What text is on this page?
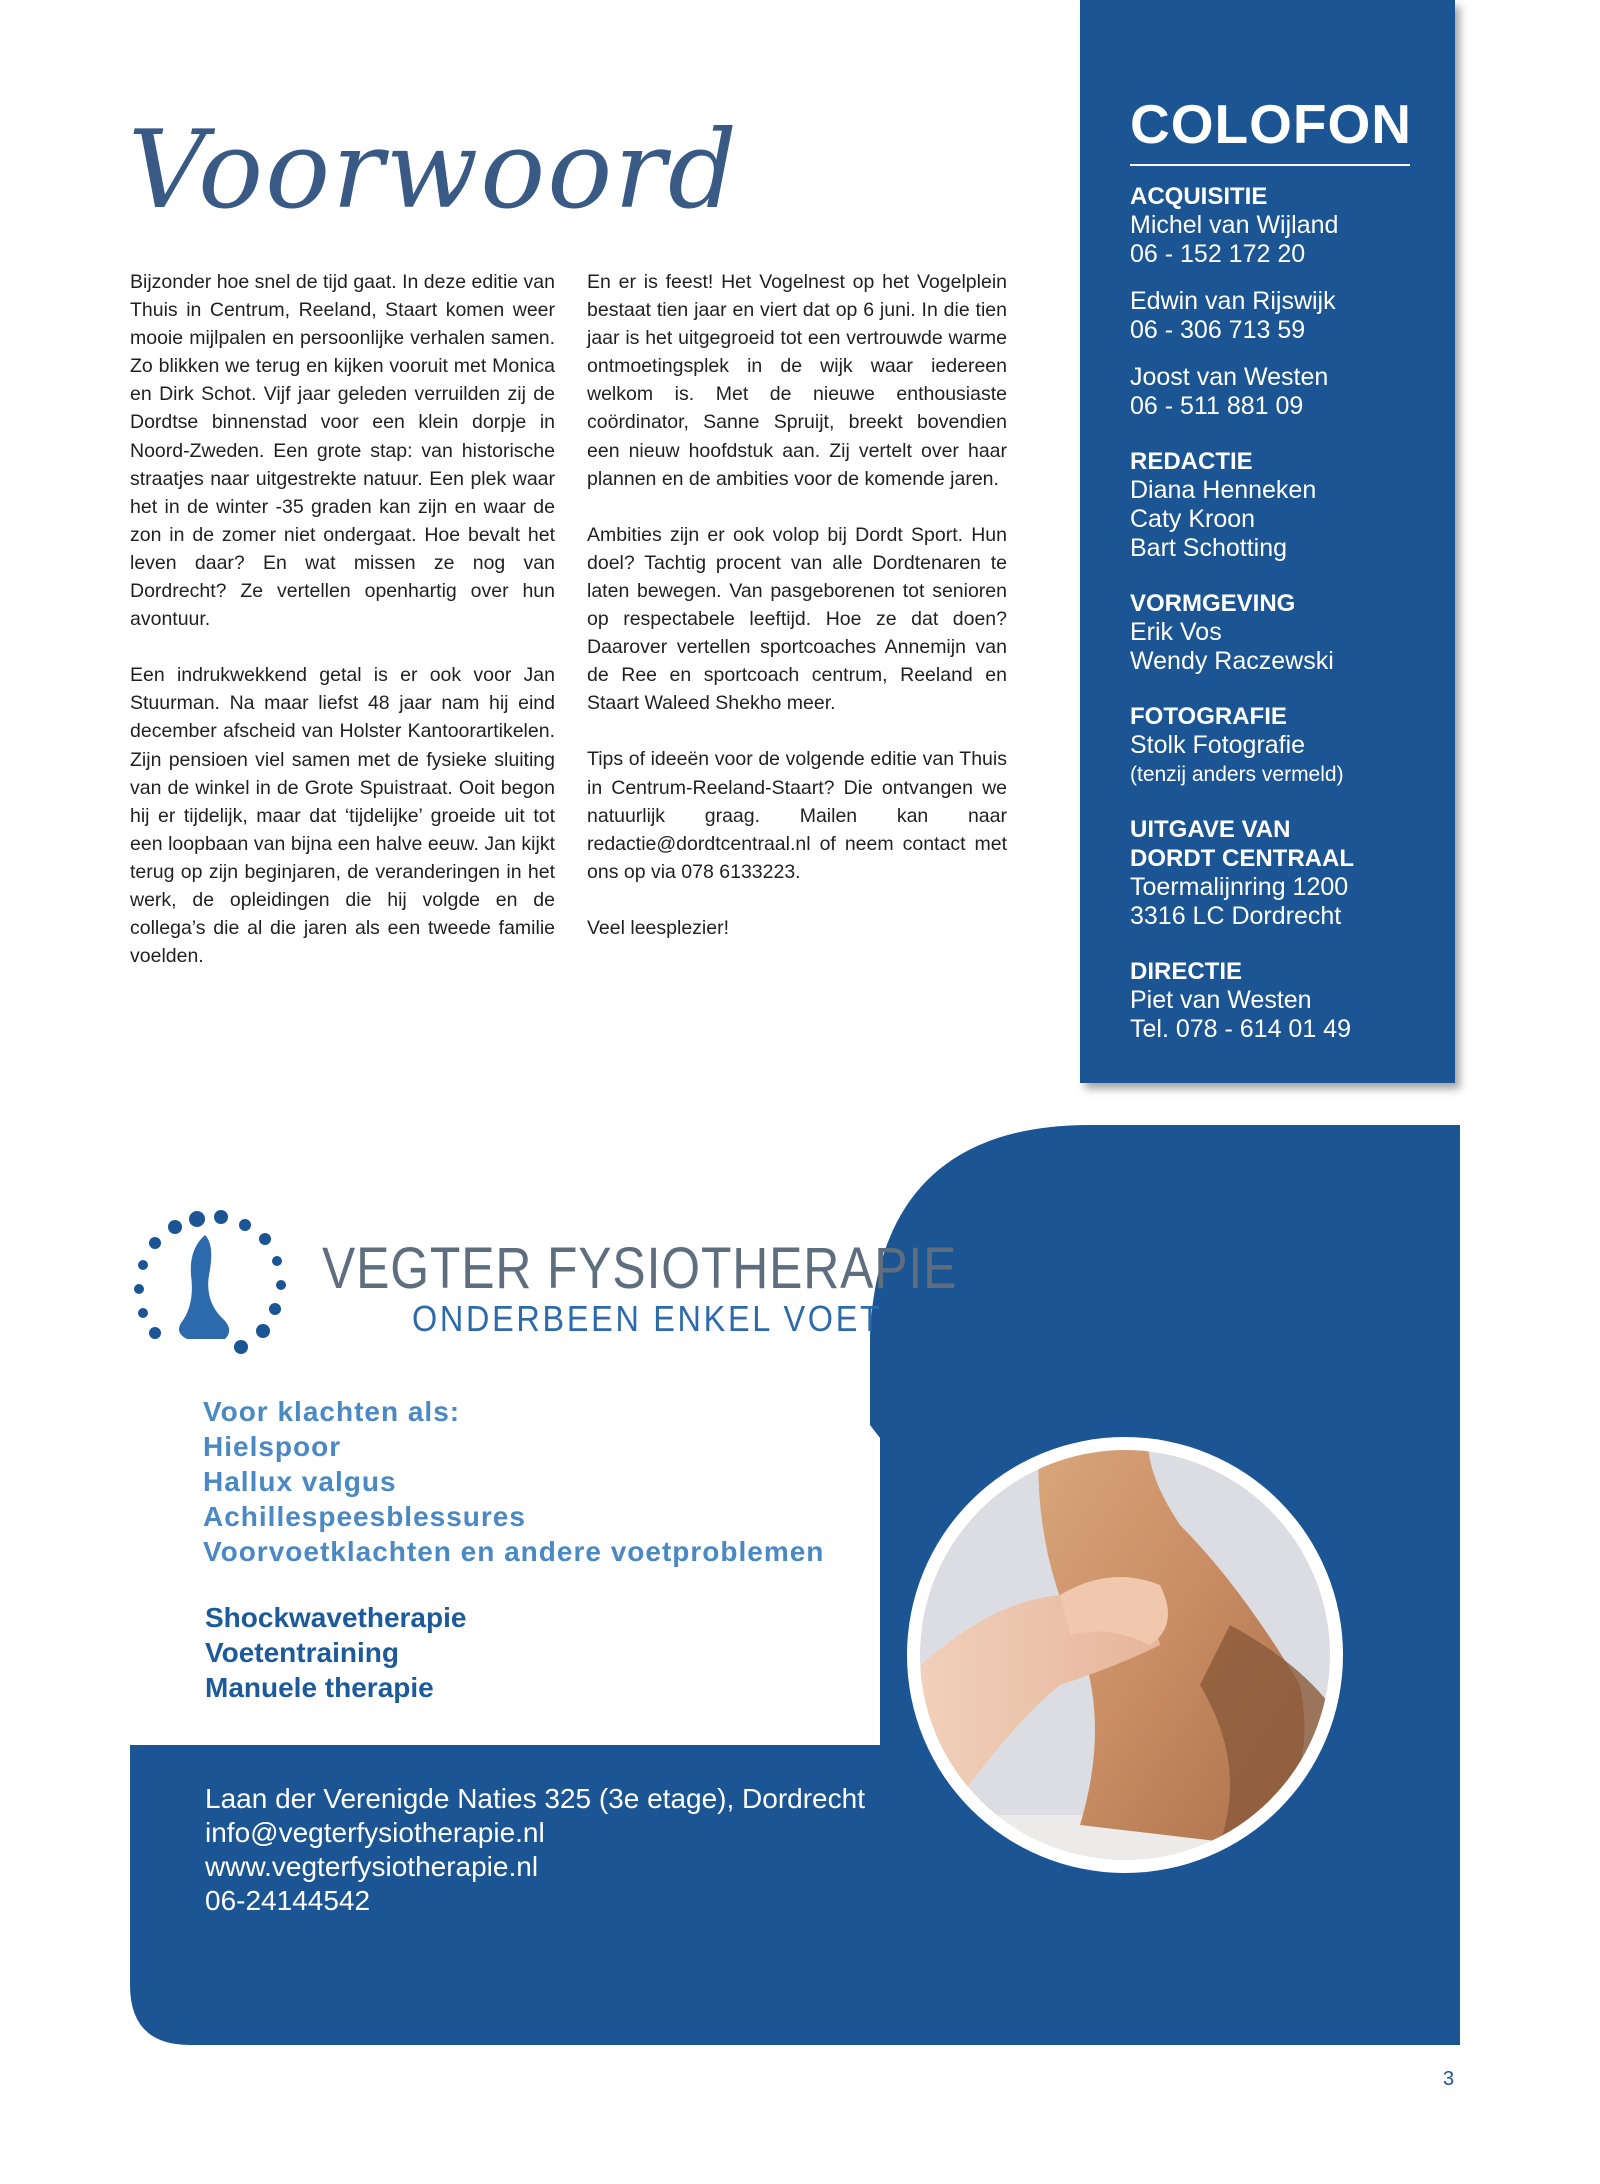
Voorwoord

Bijzonder hoe snel de tijd gaat. In deze editie van Thuis in Centrum, Reeland, Staart komen weer mooie mijlpalen en persoonlijke verhalen samen. Zo blikken we terug en kijken vooruit met Monica en Dirk Schot. Vijf jaar geleden verruilden zij de Dordtse binnenstad voor een klein dorpje in Noord-Zweden. Een grote stap: van historische straatjes naar uitgestrekte natuur. Een plek waar het in de winter -35 graden kan zijn en waar de zon in de zomer niet ondergaat. Hoe bevalt het leven daar? En wat missen ze nog van Dordrecht? Ze vertellen openhartig over hun avontuur.

Een indrukwekkend getal is er ook voor Jan Stuurman. Na maar liefst 48 jaar nam hij eind december afscheid van Holster Kantoorartikelen. Zijn pensioen viel samen met de fysieke sluiting van de winkel in de Grote Spuistraat. Ooit begon hij er tijdelijk, maar dat ‘tijdelijke’ groeide uit tot een loopbaan van bijna een halve eeuw. Jan kijkt terug op zijn beginjaren, de veranderingen in het werk, de opleidingen die hij volgde en de collega’s die al die jaren als een tweede familie voelden.

En er is feest! Het Vogelnest op het Vogelplein bestaat tien jaar en viert dat op 6 juni. In die tien jaar is het uitgegroeid tot een vertrouwde warme ontmoetingsplek in de wijk waar iedereen welkom is. Met de nieuwe enthousiaste coördinator, Sanne Spruijt, breekt bovendien een nieuw hoofdstuk aan. Zij vertelt over haar plannen en de ambities voor de komende jaren.

Ambities zijn er ook volop bij Dordt Sport. Hun doel? Tachtig procent van alle Dordtenaren te laten bewegen. Van pasgeborenen tot senioren op respectabele leeftijd. Hoe ze dat doen? Daarover vertellen sportcoaches Annemijn van de Ree en sportcoach centrum, Reeland en Staart Waleed Shekho meer.

Tips of ideeën voor de volgende editie van Thuis in Centrum-Reeland-Staart? Die ontvangen we natuurlijk graag. Mailen kan naar redactie@dordtcentraal.nl of neem contact met ons op via 078 6133223.

Veel leesplezier!

COLOFON
ACQUISITIE
Michel van Wijland
06 - 152 172 20
Edwin van Rijswijk
06 - 306 713 59
Joost van Westen
06 - 511 881 09
REDACTIE
Diana Henneken
Caty Kroon
Bart Schotting
VORMGEVING
Erik Vos
Wendy Raczewski
FOTOGRAFIE
Stolk Fotografie
(tenzij anders vermeld)
UITGAVE VAN
DORDT CENTRAAL
Toermalijnring 1200
3316 LC Dordrecht
DIRECTIE
Piet van Westen
Tel. 078 - 614 01 49
VEGTER FYSIOTHERAPIE
ONDERBEEN ENKEL VOET
Voor klachten als:
Hielspoor
Hallux valgus
Achillespeesblessures
Voorvoetklachten en andere voetproblemen
Shockwavetherapie
Voetentraining
Manuele therapie
Laan der Verenigde Naties 325 (3e etage), Dordrecht
info@vegterfysiotherapie.nl
www.vegterfysiotherapie.nl
06-24144542
3
